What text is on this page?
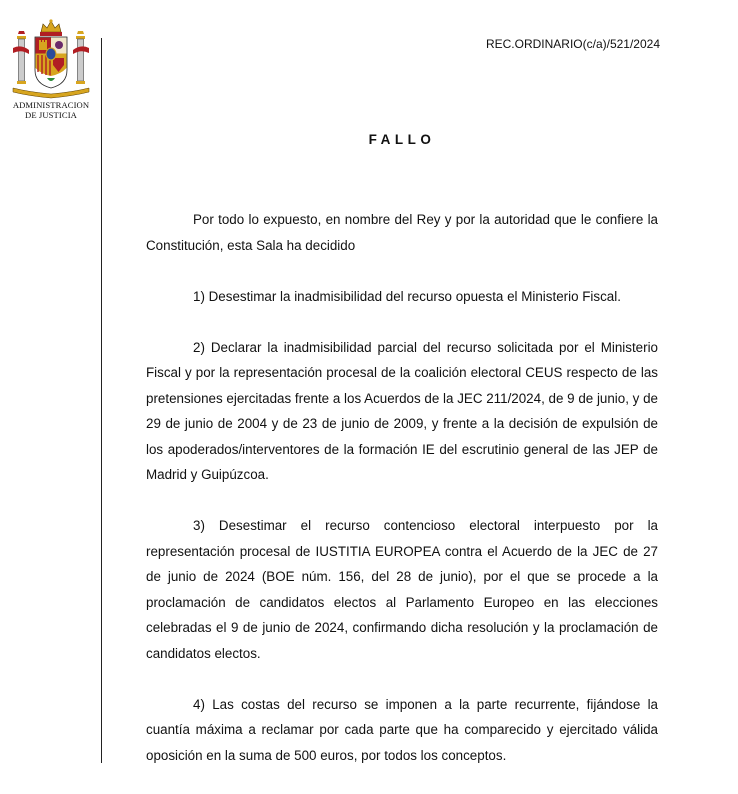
ADMINISTRACION
DE JUSTICIA
REC.ORDINARIO(c/a)/521/2024
FALLO

Por todo lo expuesto, en nombre del Rey y por la autoridad que le confiere la Constitución, esta Sala ha decidido

1) Desestimar la inadmisibilidad del recurso opuesta el Ministerio Fiscal.

2) Declarar la inadmisibilidad parcial del recurso solicitada por el Ministerio Fiscal y por la representación procesal de la coalición electoral CEUS respecto de las pretensiones ejercitadas frente a los Acuerdos de la JEC 211/2024, de 9 de junio, y de 29 de junio de 2004 y de 23 de junio de 2009, y frente a la decisión de expulsión de los apoderados/interventores de la formación IE del escrutinio general de las JEP de Madrid y Guipúzcoa.

3) Desestimar el recurso contencioso electoral interpuesto por la representación procesal de IUSTITIA EUROPEA contra el Acuerdo de la JEC de 27 de junio de 2024 (BOE núm. 156, del 28 de junio), por el que se procede a la proclamación de candidatos electos al Parlamento Europeo en las elecciones celebradas el 9 de junio de 2024, confirmando dicha resolución y la proclamación de candidatos electos.

4) Las costas del recurso se imponen a la parte recurrente, fijándose la cuantía máxima a reclamar por cada parte que ha comparecido y ejercitado válida oposición en la suma de 500 euros, por todos los conceptos.
